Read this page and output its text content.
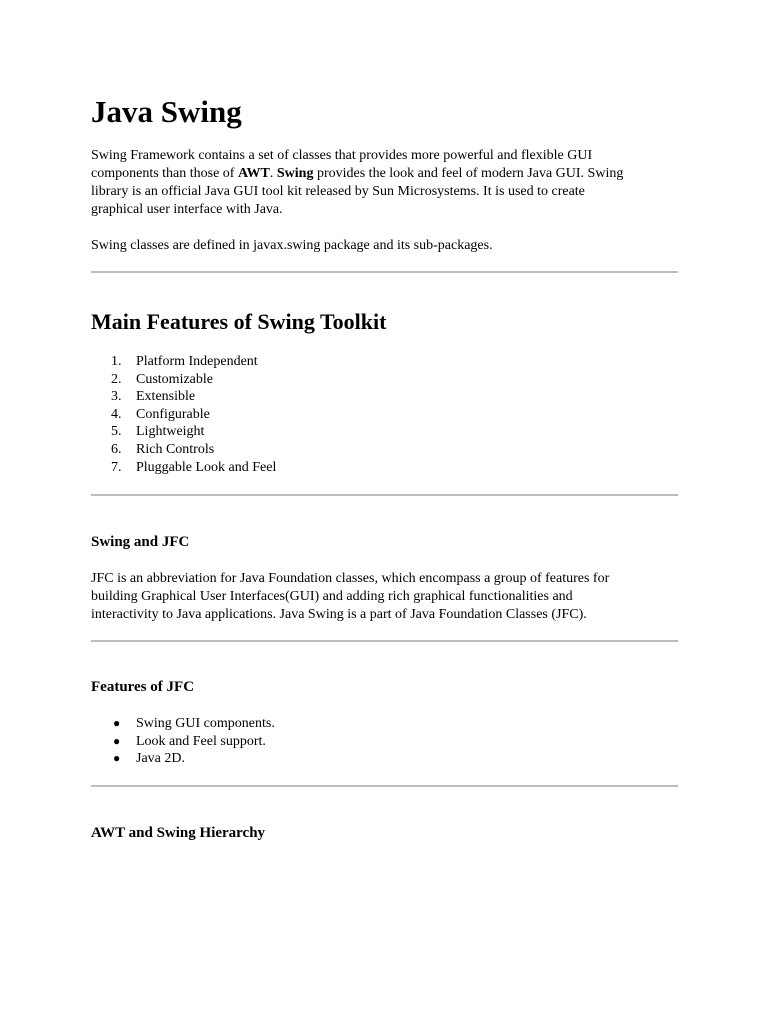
Java Swing

Swing Framework contains a set of classes that provides more powerful and flexible GUI
components than those of AWT. Swing provides the look and feel of modern Java GUI. Swing
library is an official Java GUI tool kit released by Sun Microsystems. It is used to create
graphical user interface with Java.

Swing classes are defined in javax.swing package and its sub-packages.

Main Features of Swing Toolkit
1. Platform Independent
2. Customizable
3. Extensible
4. Configurable
5. Lightweight
6. Rich Controls
7. Pluggable Look and Feel
Swing and JFC

JFC is an abbreviation for Java Foundation classes, which encompass a group of features for
building Graphical User Interfaces(GUI) and adding rich graphical functionalities and
interactivity to Java applications. Java Swing is a part of Java Foundation Classes (JFC).

Features of JFC
● Swing GUI components.
● Look and Feel support.
● Java 2D.
AWT and Swing Hierarchy
